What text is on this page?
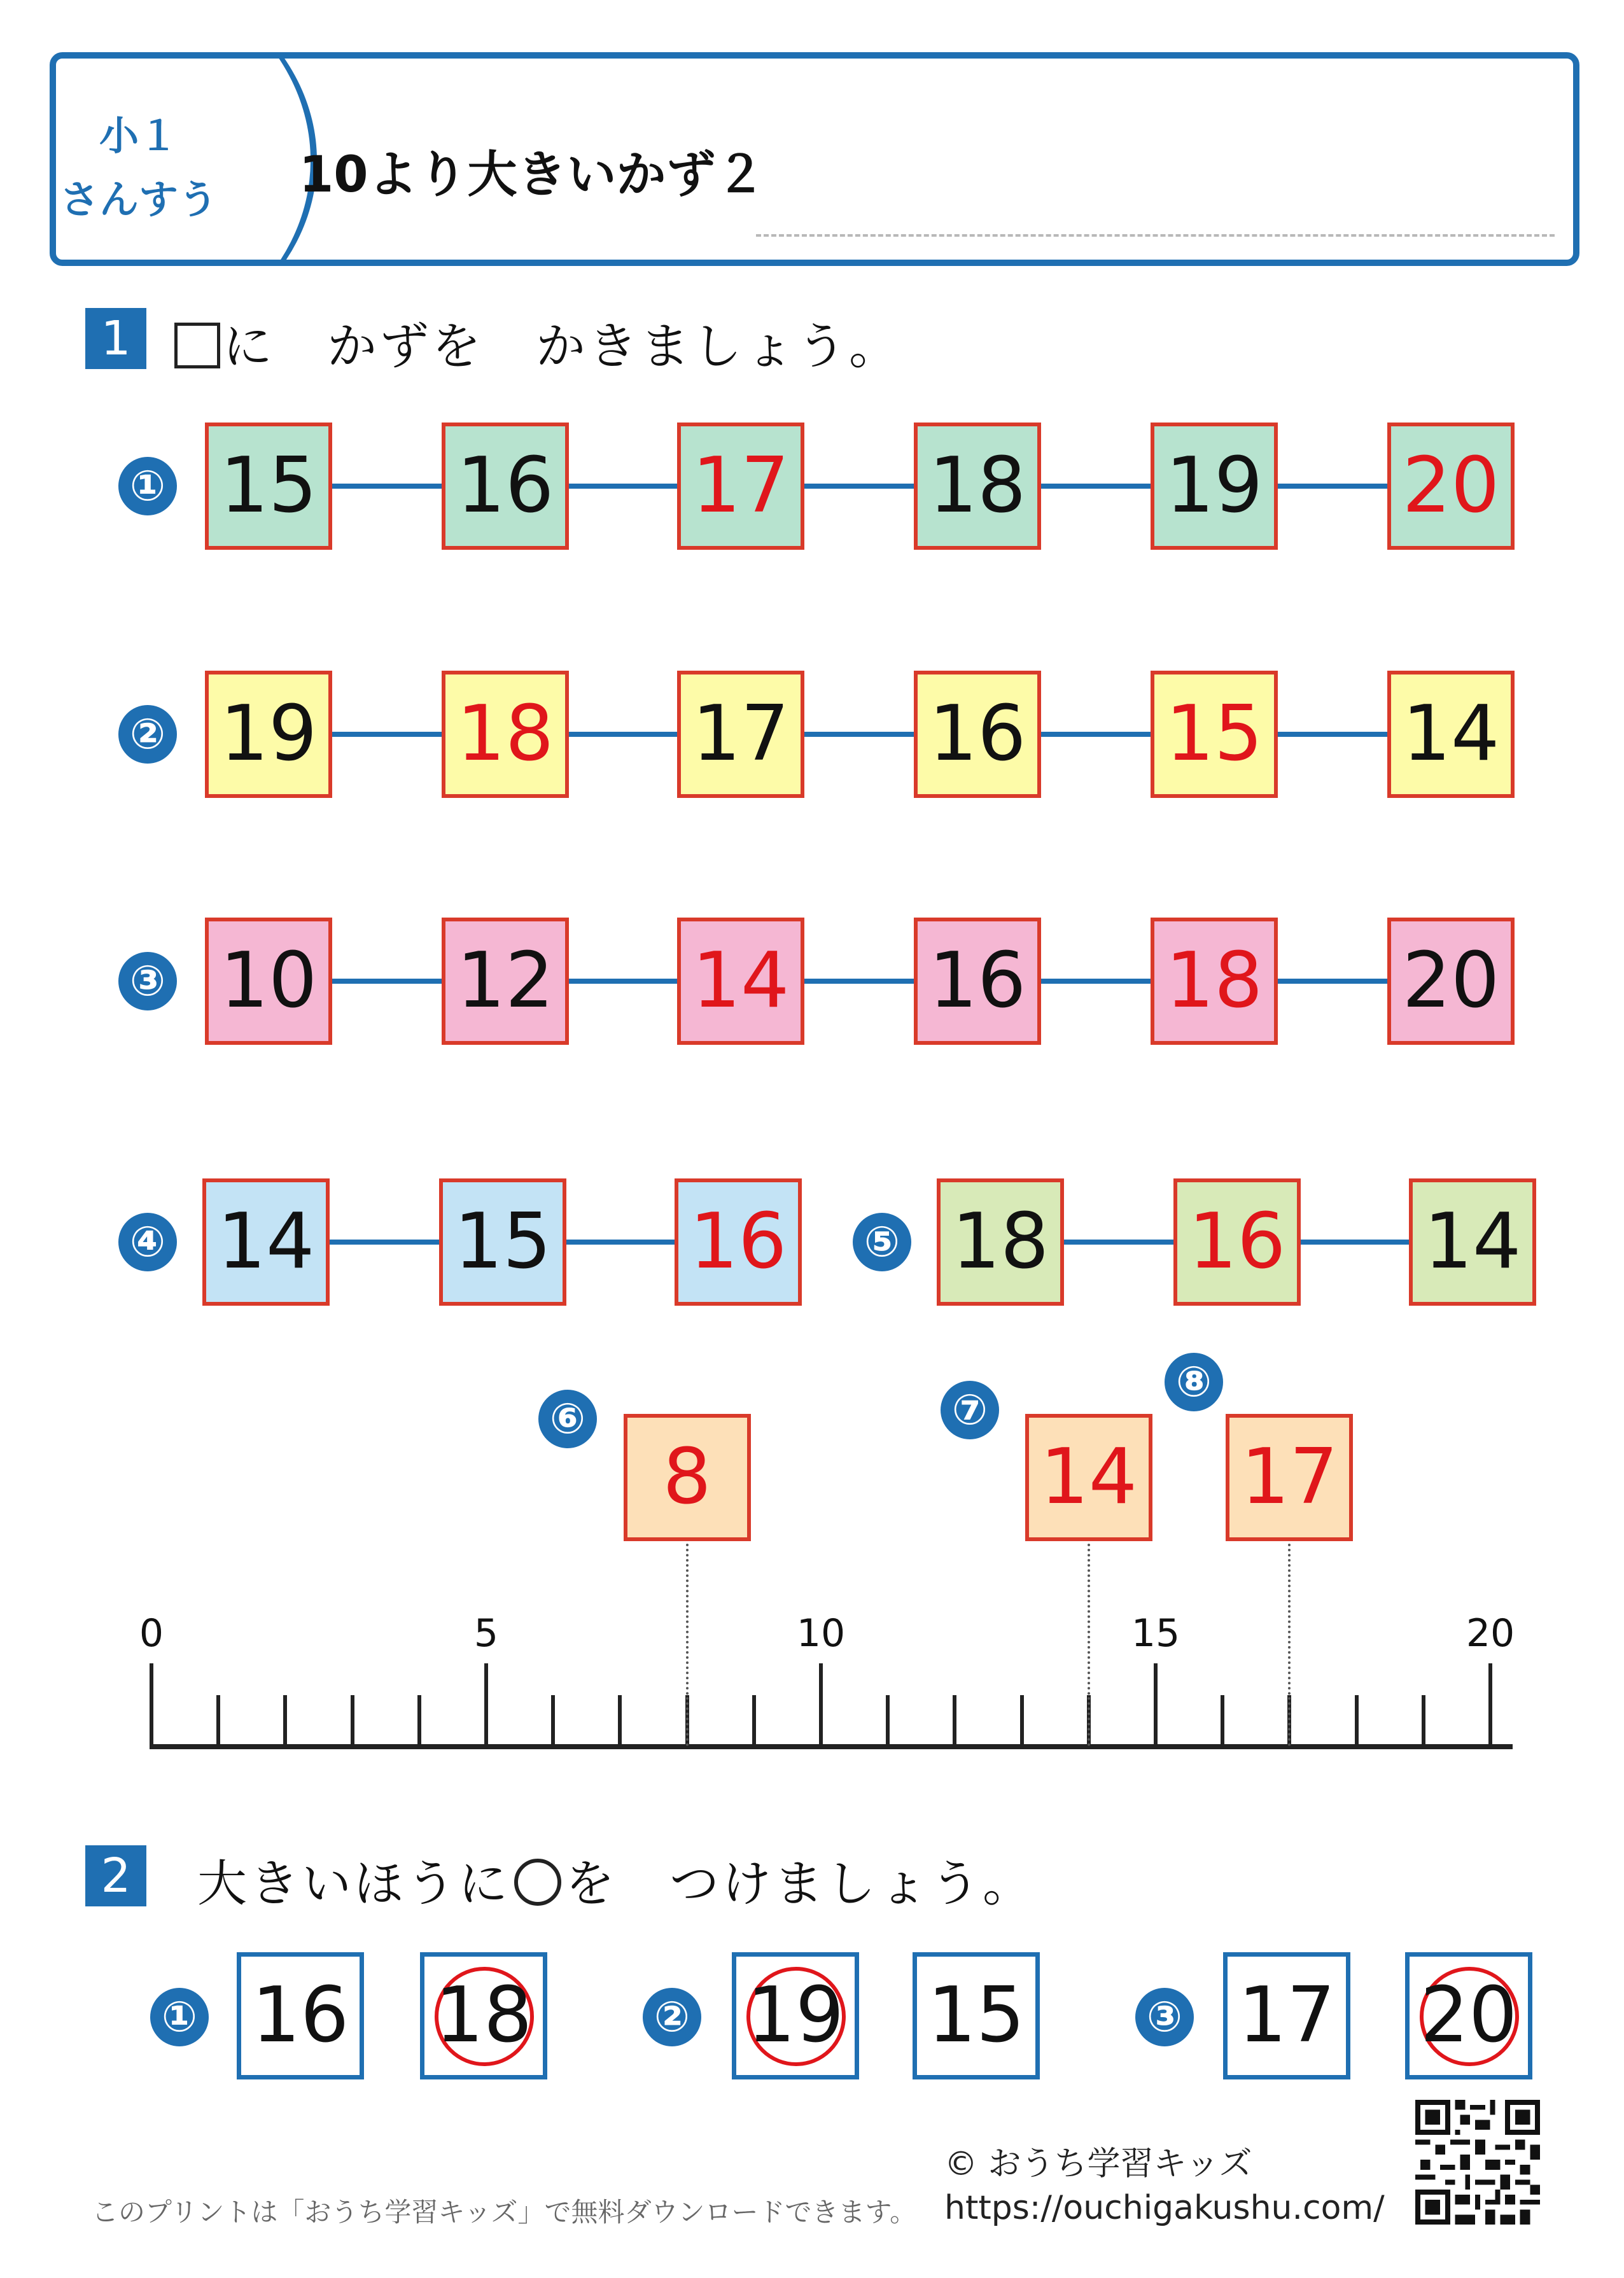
小１
さんすう 10より大きいかず２
1	に　かずを　かきましょう。
2	大きいほうに ○ を　つけましょう。
このプリントは「おうち学習キッズ」で無料ダウンロードできます。
© おうち学習キッズ
https://ouchigakushu.com/
① 15 16 17 18 19 20
② 19 18 17 16 15 14
③ 10 12 14 16 18 20
④ 14 15 16	⑤ 18 16 14
0	5	10	15	20
8
⑥
14
⑦
17
⑧
① 16 18	② 19 15	③ 17 20
